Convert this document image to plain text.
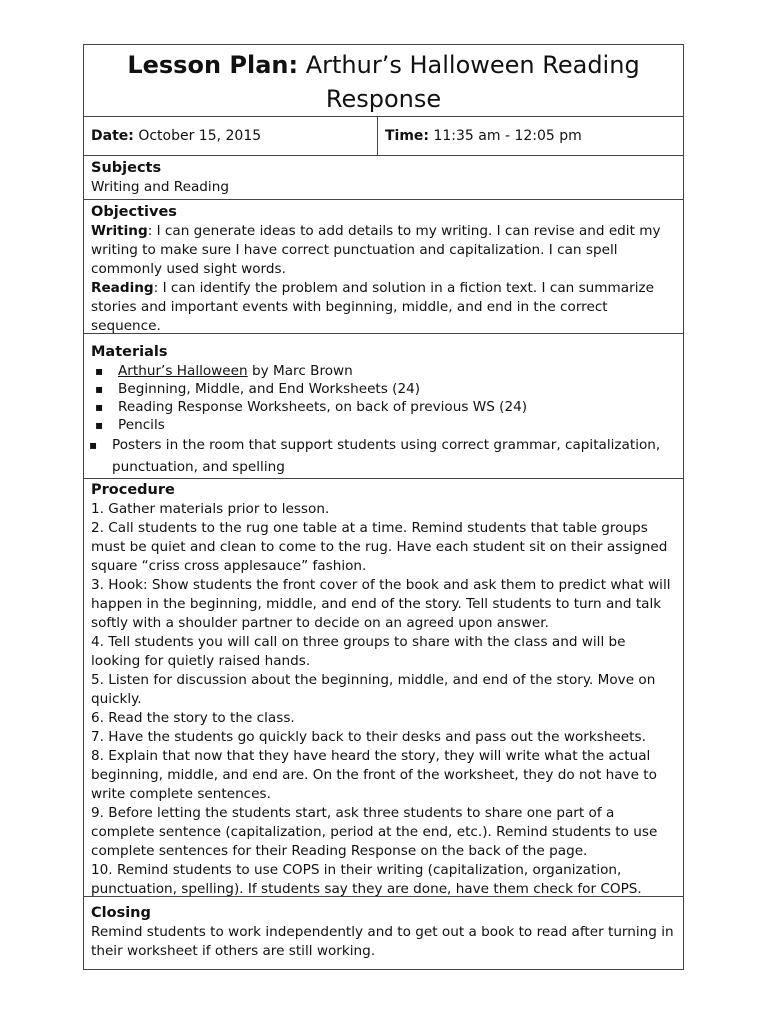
Lesson Plan: Arthur’s Halloween Reading Response
Date: October 15, 2015	Time: 11:35 am - 12:05 pm
Subjects

Writing and Reading

Objectives

Writing: I can generate ideas to add details to my writing. I can revise and edit my writing to make sure I have correct punctuation and capitalization. I can spell commonly used sight words.

Reading: I can identify the problem and solution in a fiction text. I can summarize stories and important events with beginning, middle, and end in the correct sequence.

Materials
▪ Arthur’s Halloween by Marc Brown
▪ Beginning, Middle, and End Worksheets (24)
▪ Reading Response Worksheets, on back of previous WS (24)
▪ Pencils
▪ Posters in the room that support students using correct grammar, capitalization, punctuation, and spelling
Procedure
1. Gather materials prior to lesson.
2. Call students to the rug one table at a time. Remind students that table groups must be quiet and clean to come to the rug. Have each student sit on their assigned square “criss cross applesauce” fashion.
3. Hook: Show students the front cover of the book and ask them to predict what will happen in the beginning, middle, and end of the story. Tell students to turn and talk softly with a shoulder partner to decide on an agreed upon answer.
4. Tell students you will call on three groups to share with the class and will be looking for quietly raised hands.
5. Listen for discussion about the beginning, middle, and end of the story. Move on quickly.
6. Read the story to the class.
7. Have the students go quickly back to their desks and pass out the worksheets.
8. Explain that now that they have heard the story, they will write what the actual beginning, middle, and end are. On the front of the worksheet, they do not have to write complete sentences.
9. Before letting the students start, ask three students to share one part of a complete sentence (capitalization, period at the end, etc.). Remind students to use complete sentences for their Reading Response on the back of the page.
10. Remind students to use COPS in their writing (capitalization, organization, punctuation, spelling). If students say they are done, have them check for COPS.
Closing

Remind students to work independently and to get out a book to read after turning in their worksheet if others are still working.
